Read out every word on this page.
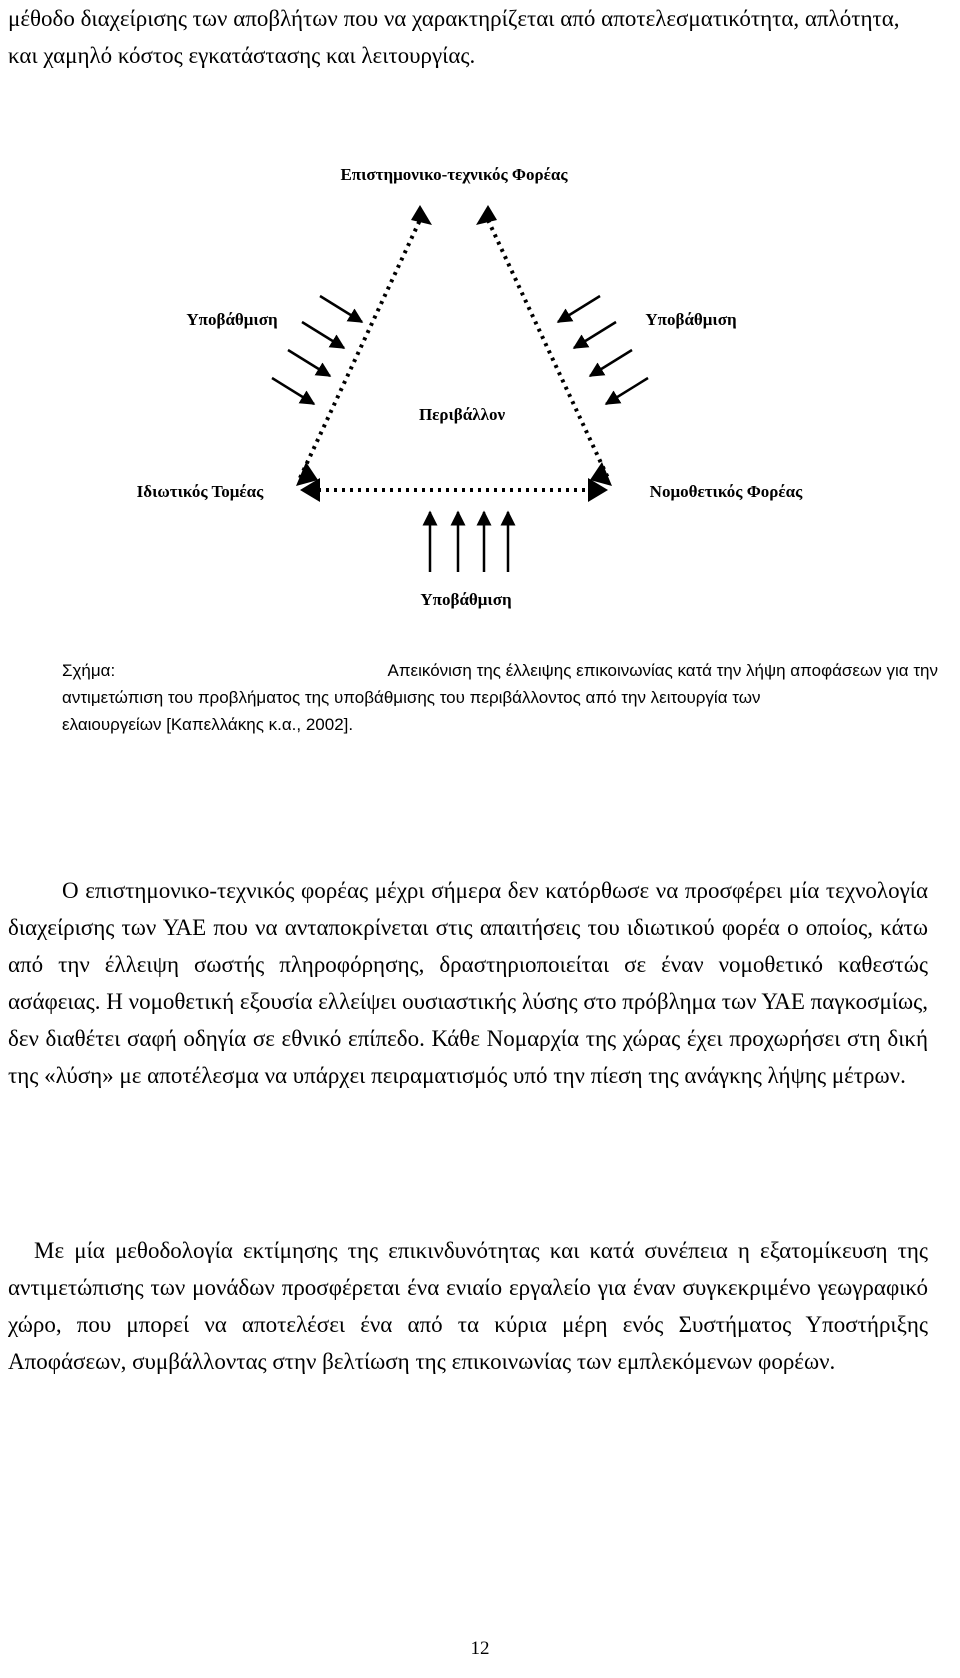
μέθοδο διαχείρισης των αποβλήτων που να χαρακτηρίζεται από αποτελεσματικότητα, απλότητα, και χαμηλό κόστος εγκατάστασης και λειτουργίας.

Επιστημονικο-τεχνικός Φορέας
Υποβάθμιση	Υποβάθμιση
Περιβάλλον
Ιδιωτικός Τομέας	Νομοθετικός Φορέας
Υποβάθμιση

Σχήμα:	Απεικόνιση της έλλειψης επικοινωνίας κατά την λήψη αποφάσεων για την

αντιμετώπιση του προβλήματος της υποβάθμισης του περιβάλλοντος από την λειτουργία των

ελαιουργείων [Καπελλάκης κ.α., 2002].

Ο επιστημονικο-τεχνικός φορέας μέχρι σήμερα δεν κατόρθωσε να προσφέρει μία τεχνολογία διαχείρισης των ΥΑΕ που να ανταποκρίνεται στις απαιτήσεις του ιδιωτικού φορέα ο οποίος, κάτω από την έλλειψη σωστής πληροφόρησης, δραστηριοποιείται σε έναν νομοθετικό καθεστώς ασάφειας. Η νομοθετική εξουσία ελλείψει ουσιαστικής λύσης στο πρόβλημα των ΥΑΕ παγκοσμίως, δεν διαθέτει σαφή οδηγία σε εθνικό επίπεδο. Κάθε Νομαρχία της χώρας έχει προχωρήσει στη δική της «λύση» με αποτέλεσμα να υπάρχει πειραματισμός υπό την πίεση της ανάγκης λήψης μέτρων.

Με μία μεθοδολογία εκτίμησης της επικινδυνότητας και κατά συνέπεια η εξατομίκευση της αντιμετώπισης των μονάδων προσφέρεται ένα ενιαίο εργαλείο για έναν συγκεκριμένο γεωγραφικό χώρο, που μπορεί να αποτελέσει ένα από τα κύρια μέρη ενός Συστήματος Υποστήριξης Αποφάσεων, συμβάλλοντας στην βελτίωση της επικοινωνίας των εμπλεκόμενων φορέων.

12
